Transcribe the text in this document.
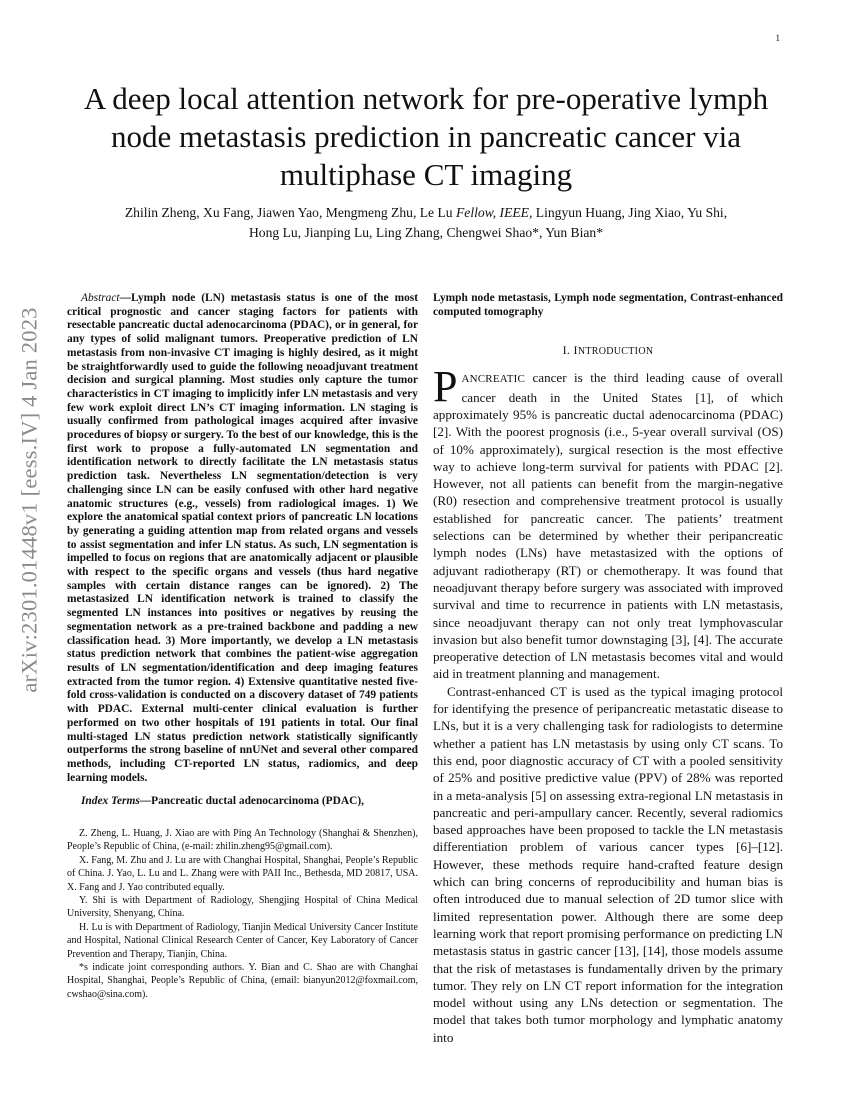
1
arXiv:2301.01448v1 [eess.IV] 4 Jan 2023
A deep local attention network for pre-operative lymph node metastasis prediction in pancreatic cancer via multiphase CT imaging
Zhilin Zheng, Xu Fang, Jiawen Yao, Mengmeng Zhu, Le Lu Fellow, IEEE, Lingyun Huang, Jing Xiao, Yu Shi,
Hong Lu, Jianping Lu, Ling Zhang, Chengwei Shao*, Yun Bian*

Abstract—Lymph node (LN) metastasis status is one of the most critical prognostic and cancer staging factors for patients with resectable pancreatic ductal adenocarcinoma (PDAC), or in general, for any types of solid malignant tumors. Preoperative prediction of LN metastasis from non-invasive CT imaging is highly desired, as it might be straightforwardly used to guide the following neoadjuvant treatment decision and surgical planning. Most studies only capture the tumor characteristics in CT imaging to implicitly infer LN metastasis and very few work exploit direct LN’s CT imaging information. LN staging is usually confirmed from pathological images acquired after invasive procedures of biopsy or surgery. To the best of our knowledge, this is the first work to propose a fully-automated LN segmentation and identification network to directly facilitate the LN metastasis status prediction task. Nevertheless LN segmentation/detection is very challenging since LN can be easily confused with other hard negative anatomic structures (e.g., vessels) from radiological images. 1) We explore the anatomical spatial context priors of pancreatic LN locations by generating a guiding attention map from related organs and vessels to assist segmentation and infer LN status. As such, LN segmentation is impelled to focus on regions that are anatomically adjacent or plausible with respect to the specific organs and vessels (thus hard negative samples with certain distance ranges can be ignored). 2) The metastasized LN identification network is trained to classify the segmented LN instances into positives or negatives by reusing the segmentation network as a pre-trained backbone and padding a new classification head. 3) More importantly, we develop a LN metastasis status prediction network that combines the patient-wise aggregation results of LN segmentation/identification and deep imaging features extracted from the tumor region. 4) Extensive quantitative nested five-fold cross-validation is conducted on a discovery dataset of 749 patients with PDAC. External multi-center clinical evaluation is further performed on two other hospitals of 191 patients in total. Our final multi-staged LN status prediction network statistically significantly outperforms the strong baseline of nnUNet and several other compared methods, including CT-reported LN status, radiomics, and deep learning models.

Index Terms—Pancreatic ductal adenocarcinoma (PDAC),

Z. Zheng, L. Huang, J. Xiao are with Ping An Technology (Shanghai & Shenzhen), People’s Republic of China, (e-mail: zhilin.zheng95@gmail.com).

X. Fang, M. Zhu and J. Lu are with Changhai Hospital, Shanghai, People’s Republic of China. J. Yao, L. Lu and L. Zhang were with PAII Inc., Bethesda, MD 20817, USA. X. Fang and J. Yao contributed equally.

Y. Shi is with Department of Radiology, Shengjing Hospital of China Medical University, Shenyang, China.

H. Lu is with Department of Radiology, Tianjin Medical University Cancer Institute and Hospital, National Clinical Research Center of Cancer, Key Laboratory of Cancer Prevention and Therapy, Tianjin, China.

*s indicate joint corresponding authors. Y. Bian and C. Shao are with Changhai Hospital, Shanghai, People’s Republic of China, (email: bianyun2012@foxmail.com, cwshao@sina.com).

Lymph node metastasis, Lymph node segmentation, Contrast-enhanced computed tomography

I. INTRODUCTION

PANCREATIC cancer is the third leading cause of overall cancer death in the United States [1], of which approximately 95% is pancreatic ductal adenocarcinoma (PDAC) [2]. With the poorest prognosis (i.e., 5-year overall survival (OS) of 10% approximately), surgical resection is the most effective way to achieve long-term survival for patients with PDAC [2]. However, not all patients can benefit from the margin-negative (R0) resection and comprehensive treatment protocol is usually established for pancreatic cancer. The patients’ treatment selections can be determined by whether their peripancreatic lymph nodes (LNs) have metastasized with the options of adjuvant radiotherapy (RT) or chemotherapy. It was found that neoadjuvant therapy before surgery was associated with improved survival and time to recurrence in patients with LN metastasis, since neoadjuvant therapy can not only treat lymphovascular invasion but also benefit tumor downstaging [3], [4]. The accurate preoperative detection of LN metastasis becomes vital and would aid in treatment planning and management.

Contrast-enhanced CT is used as the typical imaging protocol for identifying the presence of peripancreatic metastatic disease to LNs, but it is a very challenging task for radiologists to determine whether a patient has LN metastasis by using only CT scans. To this end, poor diagnostic accuracy of CT with a pooled sensitivity of 25% and positive predictive value (PPV) of 28% was reported in a meta-analysis [5] on assessing extra-regional LN metastasis in pancreatic and peri-ampullary cancer. Recently, several radiomics based approaches have been proposed to tackle the LN metastasis differentiation problem of various cancer types [6]–[12]. However, these methods require hand-crafted feature design which can bring concerns of reproducibility and human bias is often introduced due to manual selection of 2D tumor slice with limited representation power. Although there are some deep learning work that report promising performance on predicting LN metastasis status in gastric cancer [13], [14], those models assume that the risk of metastases is fundamentally driven by the primary tumor. They rely on LN CT report information for the integration model without using any LNs detection or segmentation. The model that takes both tumor morphology and lymphatic anatomy into
